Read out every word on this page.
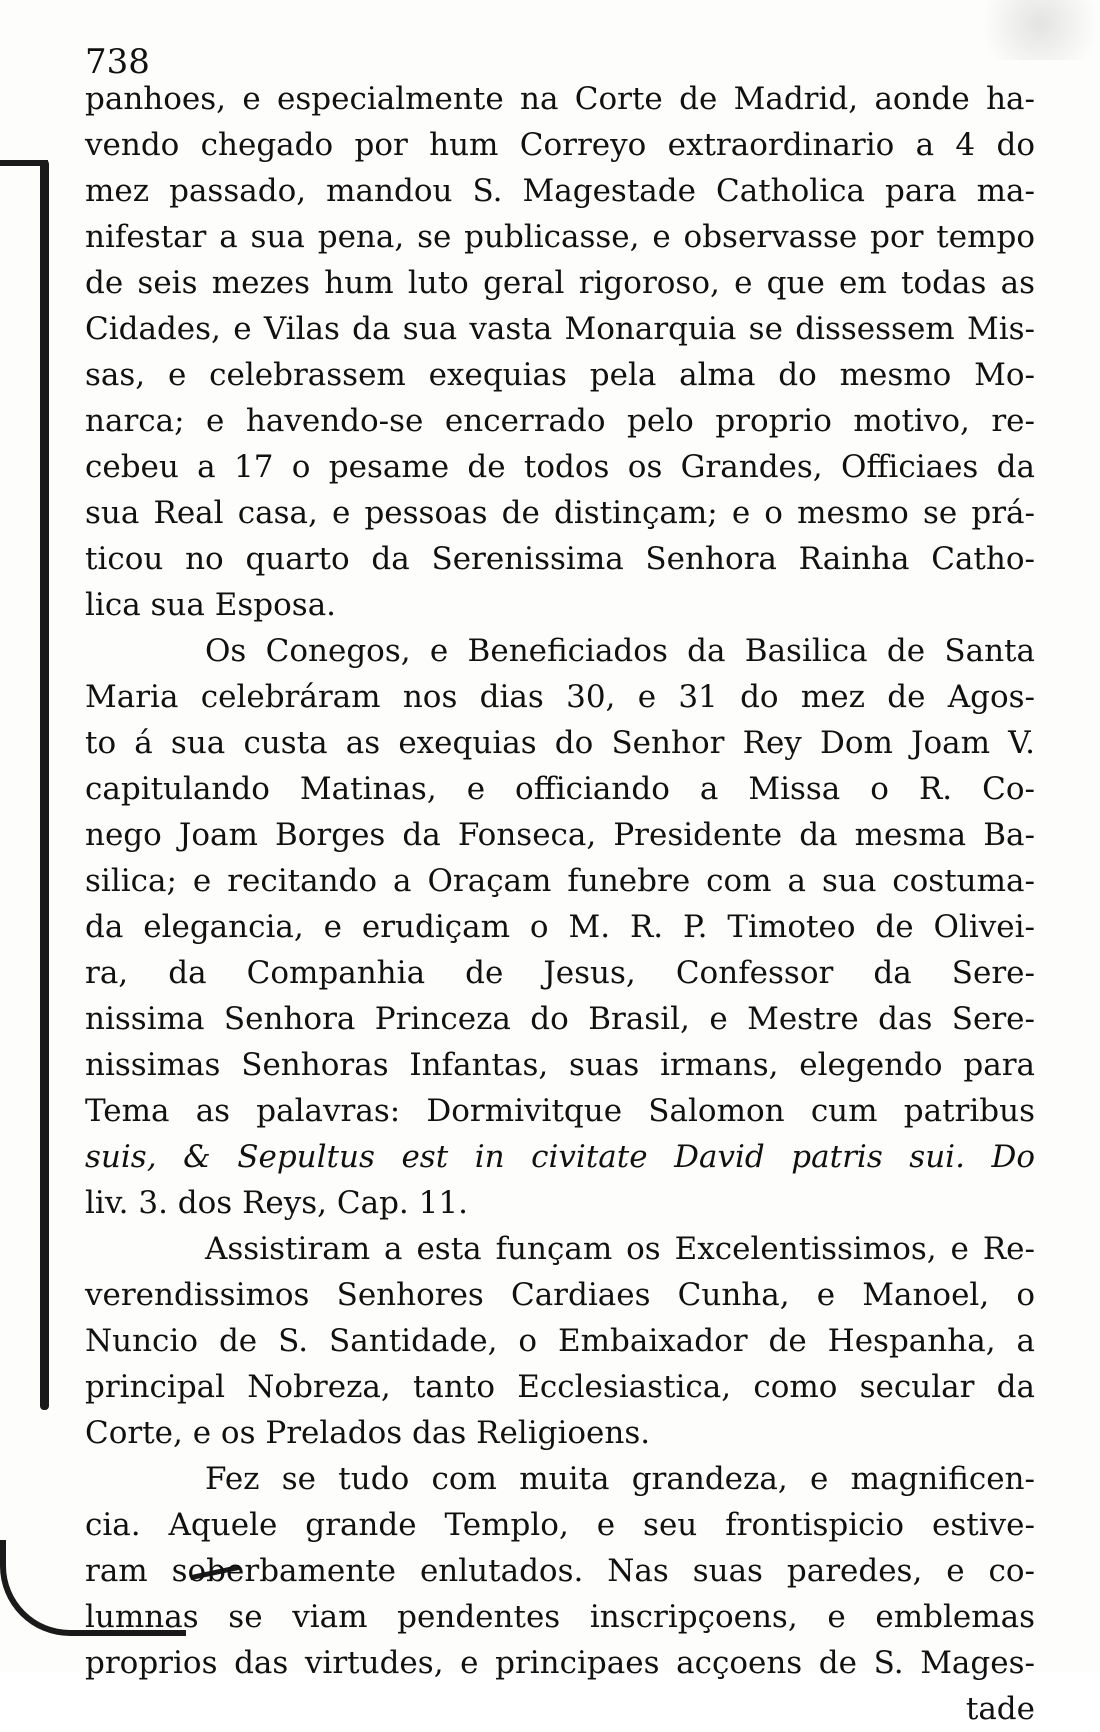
738
panhoes, e especialmente na Corte de Madrid, aonde ha-
vendo chegado por hum Correyo extraordinario a 4 do
mez passado, mandou S. Magestade Catholica para ma-
nifestar a sua pena, se publicasse, e observasse por tempo
de seis mezes hum luto geral rigoroso, e que em todas as
Cidades, e Vilas da sua vasta Monarquia se dissessem Mis-
sas, e celebrassem exequias pela alma do mesmo Mo-
narca; e havendo-se encerrado pelo proprio motivo, re-
cebeu a 17 o pesame de todos os Grandes, Officiaes da
sua Real casa, e pessoas de distinçam; e o mesmo se prá-
ticou no quarto da Serenissima Senhora Rainha Catho-
lica sua Esposa.
Os Conegos, e Beneficiados da Basilica de Santa
Maria celebráram nos dias 30, e 31 do mez de Agos-
to á sua custa as exequias do Senhor Rey Dom Joam V.
capitulando Matinas, e officiando a Missa o R. Co-
nego Joam Borges da Fonseca, Presidente da mesma Ba-
silica; e recitando a Oraçam funebre com a sua costuma-
da elegancia, e erudiçam o M. R. P. Timoteo de Olivei-
ra, da Companhia de Jesus, Confessor da Sere-
nissima Senhora Princeza do Brasil, e Mestre das Sere-
nissimas Senhoras Infantas, suas irmans, elegendo para
Tema as palavras: Dormivitque Salomon cum patribus
suis, & Sepultus est in civitate David patris sui. Do
liv. 3. dos Reys, Cap. 11.
Assistiram a esta funçam os Excelentissimos, e Re-
verendissimos Senhores Cardiaes Cunha, e Manoel, o
Nuncio de S. Santidade, o Embaixador de Hespanha, a
principal Nobreza, tanto Ecclesiastica, como secular da
Corte, e os Prelados das Religioens.
Fez se tudo com muita grandeza, e magnificen-
cia. Aquele grande Templo, e seu frontispicio estive-
ram soberbamente enlutados. Nas suas paredes, e co-
lumnas se viam pendentes inscripçoens, e emblemas
proprios das virtudes, e principaes acçoens de S. Mages-
tade
